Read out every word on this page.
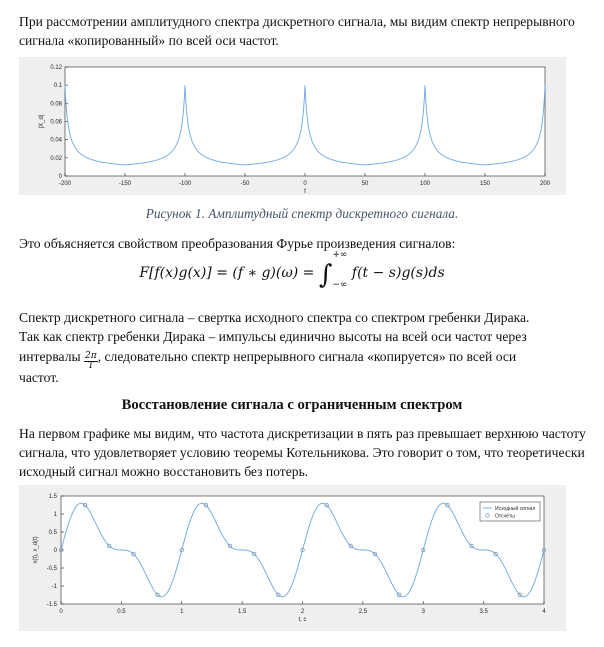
При рассмотрении амплитудного спектра дискретного сигнала, мы видим спектр непрерывного сигнала «копированный» по всей оси частот.

-200	-150	-100	-50	0	50	100	150	200
0
0.02
0.04
0.06
0.08
0.1
0.12
f
|X_d|
Рисунок 1. Амплитудный спектр дискретного сигнала.

Это объясняется свойством преобразования Фурье произведения сигналов:

F[f(x)g(x)] = (f ∗ g)(ω) = ∫
+∞
−∞
f(t − s)g(s)ds
Спектр дискретного сигнала – свертка исходного спектра со спектром гребенки Дирака.
Так как спектр гребенки Дирака – импульсы единично высоты на всей оси частот через
интервалы $\frac{2\pi}{T}$ , следовательно спектр непрерывного сигнала «копируется» по всей оси
частот.
Восстановление сигнала с ограниченным спектром

На первом графике мы видим, что частота дискретизации в пять раз превышает верхнюю частоту сигнала, что удовлетворяет условию теоремы Котельникова. Это говорит о том, что теоретически исходный сигнал можно восстановить без потерь.

0	0.5	1	1.5	2	2.5	3	3.5	4
-1.5
-1
-0.5
0
0.5
1
1.5
t, c
x(t), x_d(t)
Исходный сигнал
Отсчёты
